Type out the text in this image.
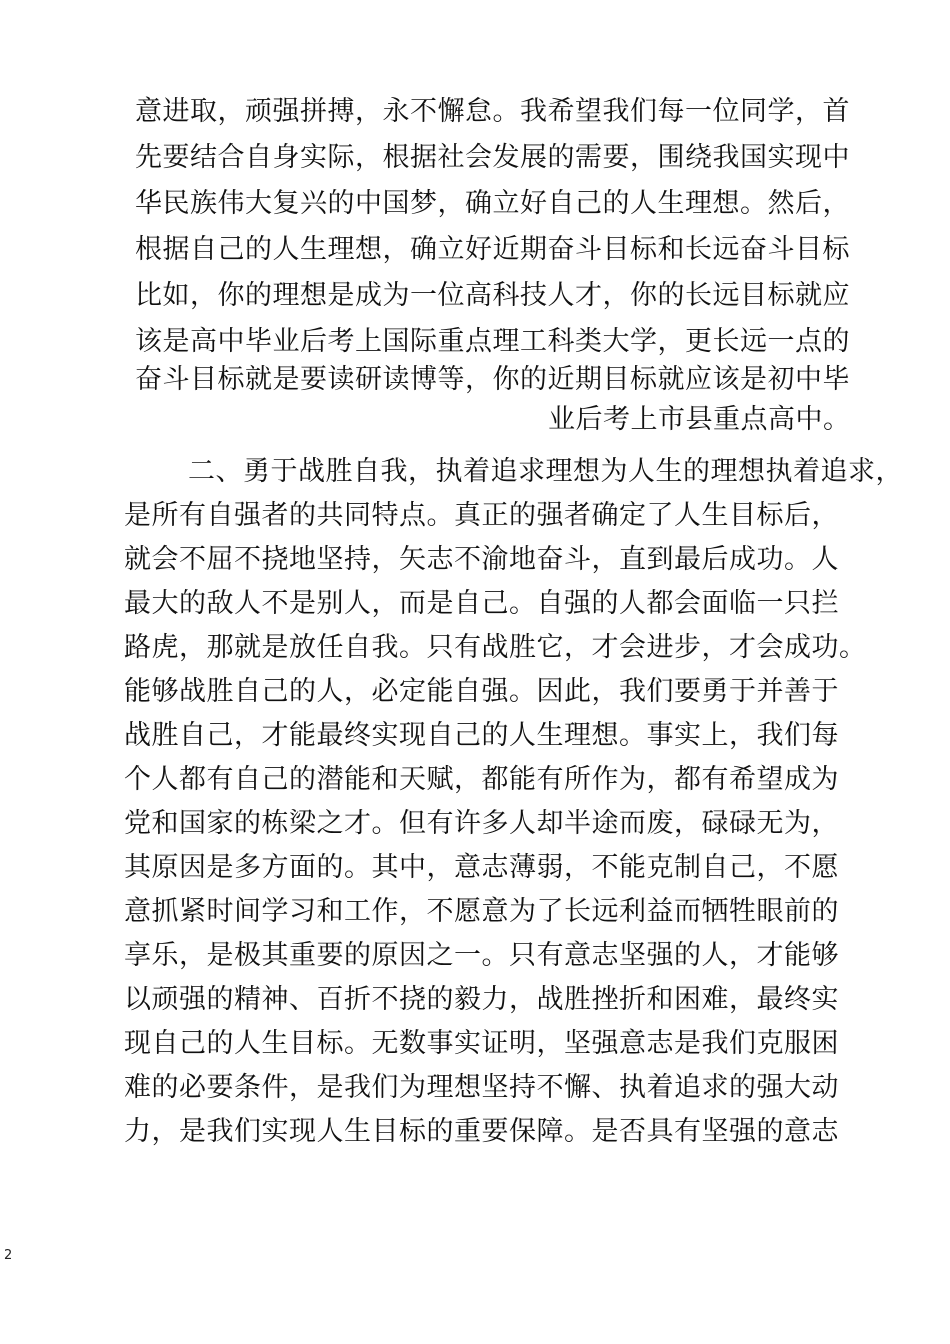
意进取，顽强拼搏，永不懈怠。我希望我们每一位同学，首
先要结合自身实际，根据社会发展的需要，围绕我国实现中
华民族伟大复兴的中国梦，确立好自己的人生理想。然后，
根据自己的人生理想，确立好近期奋斗目标和长远奋斗目标
比如，你的理想是成为一位高科技人才，你的长远目标就应
该是高中毕业后考上国际重点理工科类大学，更长远一点的
奋斗目标就是要读研读博等，你的近期目标就应该是初中毕
业后考上市县重点高中。
二、勇于战胜自我，执着追求理想为人生的理想执着追求，
是所有自强者的共同特点。真正的强者确定了人生目标后，
就会不屈不挠地坚持，矢志不渝地奋斗，直到最后成功。人
最大的敌人不是别人，而是自己。自强的人都会面临一只拦
路虎，那就是放任自我。只有战胜它，才会进步，才会成功。
能够战胜自己的人，必定能自强。因此，我们要勇于并善于
战胜自己，才能最终实现自己的人生理想。事实上，我们每
个人都有自己的潜能和天赋，都能有所作为，都有希望成为
党和国家的栋梁之才。但有许多人却半途而废，碌碌无为，
其原因是多方面的。其中，意志薄弱，不能克制自己，不愿
意抓紧时间学习和工作，不愿意为了长远利益而牺牲眼前的
享乐，是极其重要的原因之一。只有意志坚强的人，才能够
以顽强的精神、百折不挠的毅力，战胜挫折和困难，最终实
现自己的人生目标。无数事实证明，坚强意志是我们克服困
难的必要条件，是我们为理想坚持不懈、执着追求的强大动
力，是我们实现人生目标的重要保障。是否具有坚强的意志
2
